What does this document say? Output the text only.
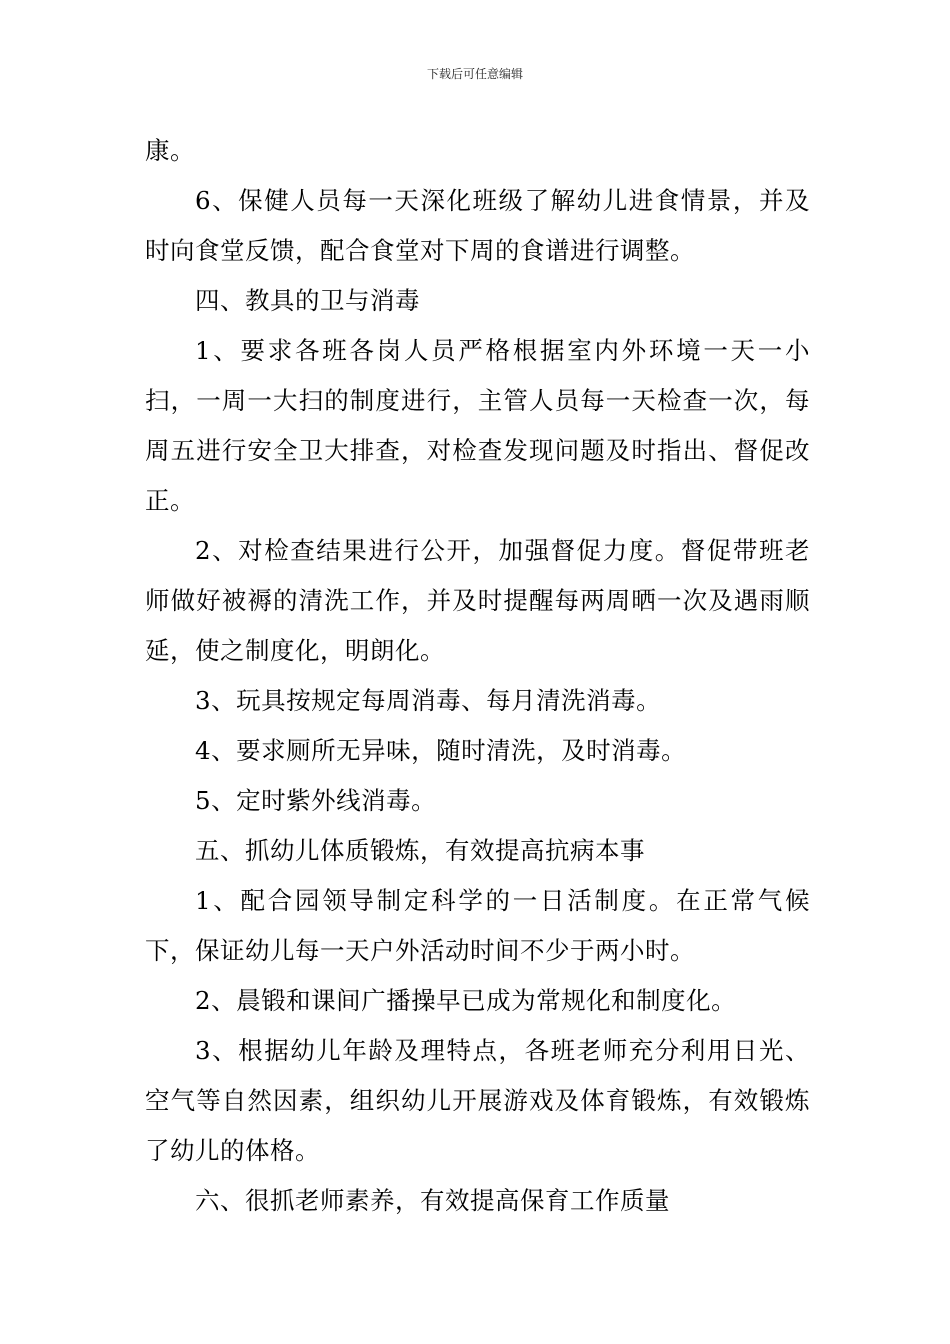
下载后可任意编辑

康。

6、保健人员每一天深化班级了解幼儿进食情景，并及时向食堂反馈，配合食堂对下周的食谱进行调整。

四、教具的卫与消毒

1、要求各班各岗人员严格根据室内外环境一天一小扫，一周一大扫的制度进行，主管人员每一天检查一次，每周五进行安全卫大排查，对检查发现问题及时指出、督促改正。

2、对检查结果进行公开，加强督促力度。督促带班老师做好被褥的清洗工作，并及时提醒每两周晒一次及遇雨顺延，使之制度化，明朗化。

3、玩具按规定每周消毒、每月清洗消毒。

4、要求厕所无异味，随时清洗，及时消毒。

5、定时紫外线消毒。

五、抓幼儿体质锻炼，有效提高抗病本事

1、配合园领导制定科学的一日活制度。在正常气候下，保证幼儿每一天户外活动时间不少于两小时。

2、晨锻和课间广播操早已成为常规化和制度化。

3、根据幼儿年龄及理特点，各班老师充分利用日光、空气等自然因素，组织幼儿开展游戏及体育锻炼，有效锻炼了幼儿的体格。

六、很抓老师素养，有效提高保育工作质量
